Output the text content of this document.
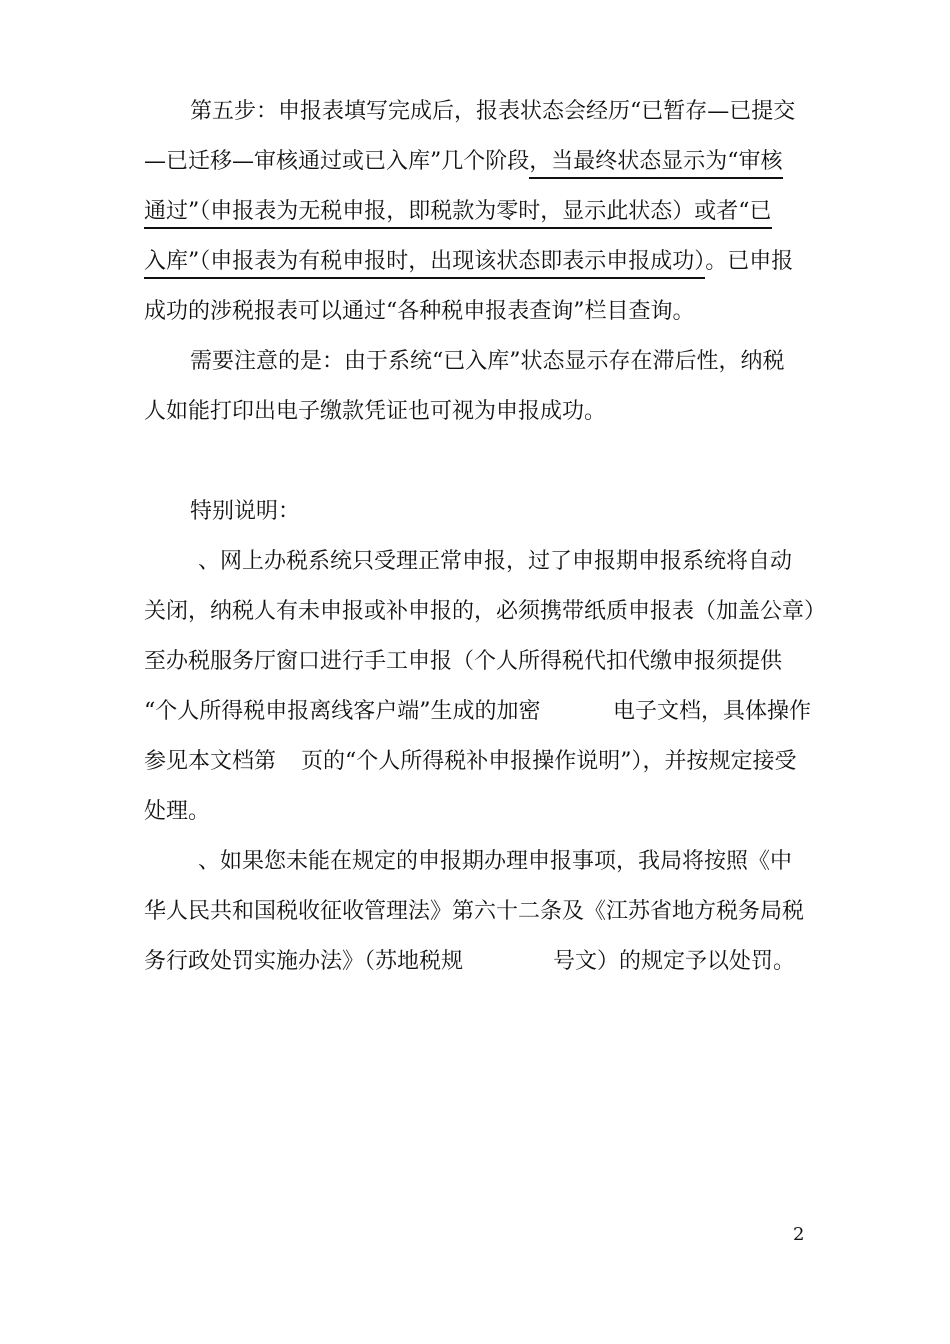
第五步：申报表填写完成后，报表状态会经历“已暂存—已提交
—已迁移—审核通过或已入库”几个阶段，当最终状态显示为“审核
通过”（申报表为无税申报，即税款为零时，显示此状态）或者“已
入库”（申报表为有税申报时，出现该状态即表示申报成功）。已申报
成功的涉税报表可以通过“各种税申报表查询”栏目查询。
需要注意的是：由于系统“已入库”状态显示存在滞后性，纳税
人如能打印出电子缴款凭证也可视为申报成功。
特别说明：
、网上办税系统只受理正常申报，过了申报期申报系统将自动
关闭，纳税人有未申报或补申报的，必须携带纸质申报表（加盖公章）
至办税服务厅窗口进行手工申报（个人所得税代扣代缴申报须提供
“个人所得税申报离线客户端”生成的加密	电子文档，具体操作
参见本文档第 页的“个人所得税补申报操作说明”），并按规定接受
处理。
、如果您未能在规定的申报期办理申报事项，我局将按照《中
华人民共和国税收征收管理法》第六十二条及《江苏省地方税务局税
务行政处罚实施办法》（苏地税规	号文）的规定予以处罚。
2
